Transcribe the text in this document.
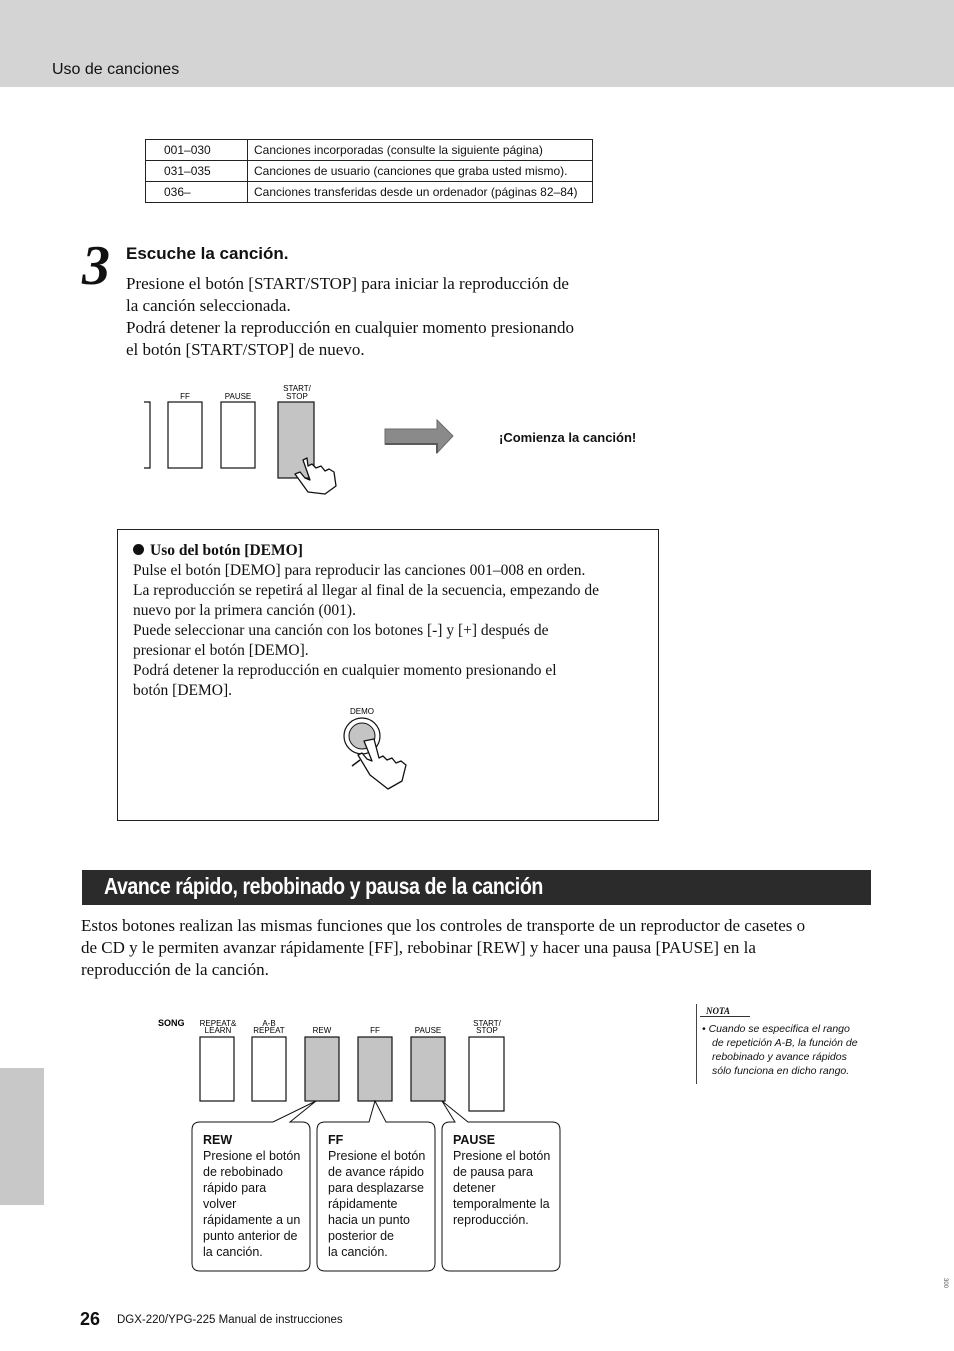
Uso de canciones
001–030	Canciones incorporadas (consulte la siguiente página)
031–035	Canciones de usuario (canciones que graba usted mismo).
036–	Canciones transferidas desde un ordenador (páginas 82–84)
3 Escuche la canción.
Presione el botón [START/STOP] para iniciar la reproducción de
la canción seleccionada.
Podrá detener la reproducción en cualquier momento presionando
el botón [START/STOP] de nuevo.
FF	PAUSE
START/
STOP
¡Comienza la canción!
Uso del botón [DEMO]
Pulse el botón [DEMO] para reproducir las canciones 001–008 en orden.
La reproducción se repetirá al llegar al final de la secuencia, empezando de
nuevo por la primera canción (001).
Puede seleccionar una canción con los botones [-] y [+] después de
presionar el botón [DEMO].
Podrá detener la reproducción en cualquier momento presionando el
botón [DEMO].
DEMO
Avance rápido, rebobinado y pausa de la canción
Estos botones realizan las mismas funciones que los controles de transporte de un reproductor de casetes o
de CD y le permiten avanzar rápidamente [FF], rebobinar [REW] y hacer una pausa [PAUSE] en la
reproducción de la canción.
SONG REPEAT&
LEARN
A-B
REPEAT	REW	FF	PAUSE
START/
STOP
REW
Presione el botón
de rebobinado
rápido para
volver
rápidamente a un
punto anterior de
la canción.
FF
Presione el botón
de avance rápido
para desplazarse
rápidamente
hacia un punto
posterior de
la canción.
PAUSE
Presione el botón
de pausa para
detener
temporalmente la
reproducción.
NOTA
• Cuando se especifica el rango
de repetición A-B, la función de
rebobinado y avance rápidos
sólo funciona en dicho rango.
26 DGX-220/YPG-225 Manual de instrucciones
300
